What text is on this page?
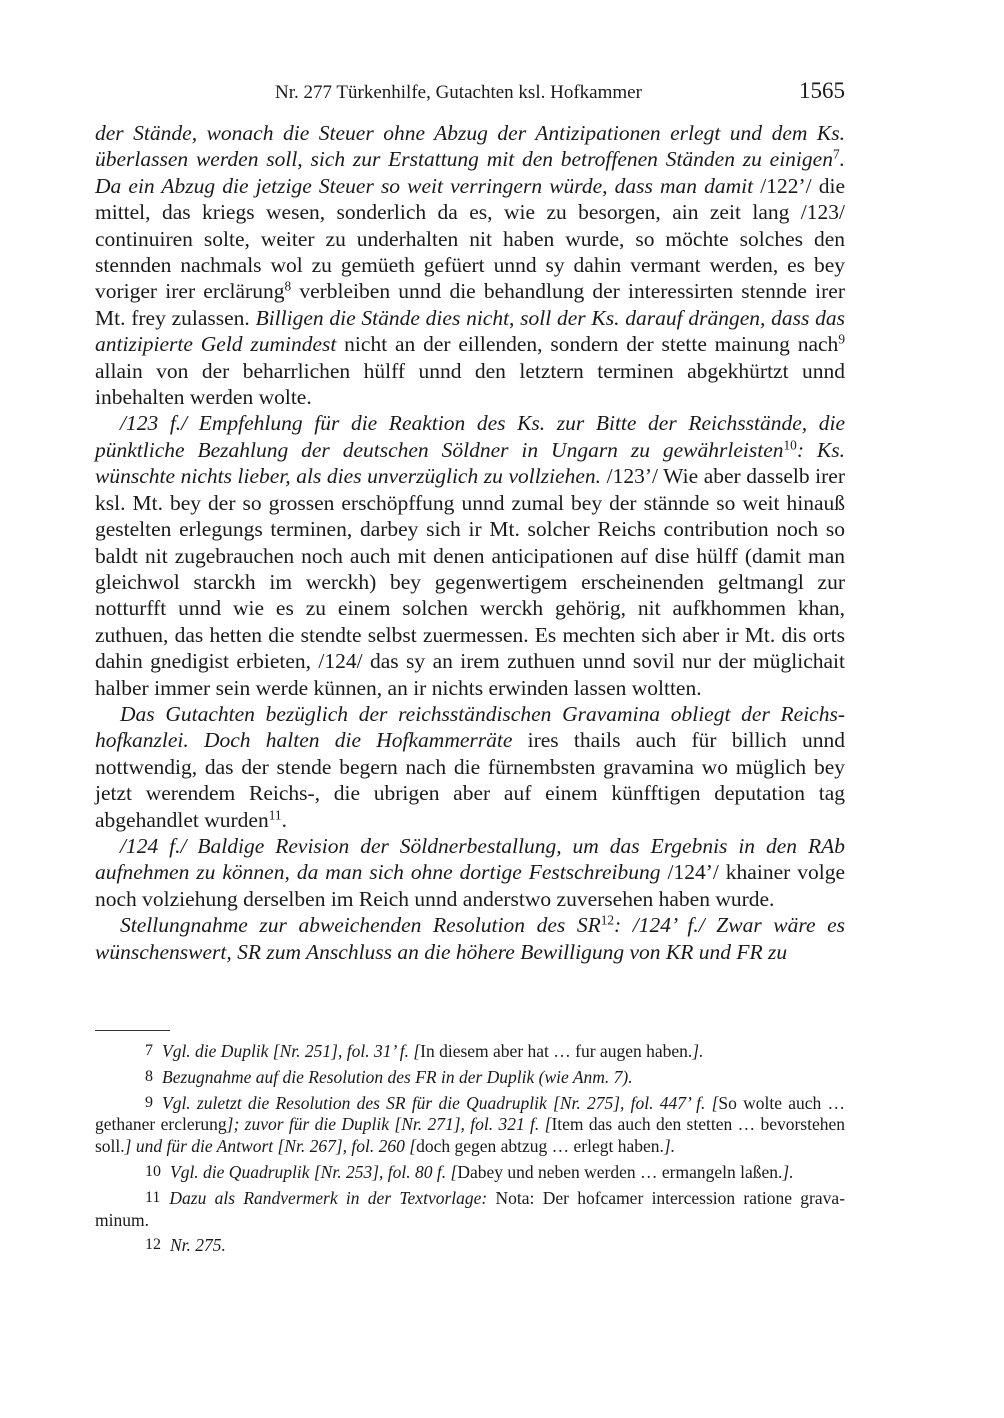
Nr. 277 Türkenhilfe, Gutachten ksl. Hofkammer	1565

der Stände, wonach die Steuer ohne Abzug der Antizipationen erlegt und dem Ks. überlassen werden soll, sich zur Erstattung mit den betroffenen Ständen zu einigen$^7$. Da ein Abzug die jetzige Steuer so weit verringern würde, dass man damit /122’/ die mittel, das kriegs wesen, sonderlich da es, wie zu besorgen, ain zeit lang /123/ continuiren solte, weiter zu underhalten nit haben wurde, so möchte solches den stennden nachmals wol zu gemüeth gefüert unnd sy dahin vermant werden, es bey voriger irer erclärung$^8$ verbleiben unnd die behandlung der interessirten stennde irer Mt. frey zulassen. Billigen die Stände dies nicht, soll der Ks. darauf drängen, dass das antizipierte Geld zumindest nicht an der eillenden, sondern der stette mainung nach$^9$ allain von der beharrlichen hülff unnd den letztern terminen abgekhürtzt unnd inbehalten werden wolte.

/123 f./ Empfehlung für die Reaktion des Ks. zur Bitte der Reichsstände, die pünktliche Bezahlung der deutschen Söldner in Ungarn zu gewährleisten$^{10}$: Ks. wünschte nichts lieber, als dies unverzüglich zu vollziehen. /123’/ Wie aber dasselb irer ksl. Mt. bey der so grossen erschöpffung unnd zumal bey der stännde so weit hinauß gestelten erlegungs terminen, darbey sich ir Mt. solcher Reichs contribution noch so baldt nit zugebrauchen noch auch mit denen anticipationen auf dise hülff (damit man gleichwol starckh im werckh) bey gegenwertigem erscheinenden geltmangl zur notturfft unnd wie es zu einem solchen werckh gehörig, nit aufkhommen khan, zuthuen, das hetten die stendte selbst zuermessen. Es mechten sich aber ir Mt. dis orts dahin gnedigist erbieten, /124/ das sy an irem zuthuen unnd sovil nur der müglichait halber immer sein werde künnen, an ir nichts erwinden lassen woltten.

Das Gutachten bezüglich der reichsständischen Gravamina obliegt der Reichshofkanzlei. Doch halten die Hofkammerräte ires thails auch für billich unnd nottwendig, das der stende begern nach die fürnembsten gravamina wo müglich bey jetzt werendem Reichs-, die ubrigen aber auf einem künfftigen deputation tag abgehandlet wurden$^{11}$.

/124 f./ Baldige Revision der Söldnerbestallung, um das Ergebnis in den RAb aufnehmen zu können, da man sich ohne dortige Festschreibung /124’/ khainer volge noch volziehung derselben im Reich unnd anderstwo zuversehen haben wurde.

Stellungnahme zur abweichenden Resolution des SR$^{12}$: /124’ f./ Zwar wäre es wünschenswert, SR zum Anschluss an die höhere Bewilligung von KR und FR zu

7 Vgl. die Duplik [Nr. 251], fol. 31’ f. [In diesem aber hat … fur augen haben.].

8 Bezugnahme auf die Resolution des FR in der Duplik (wie Anm. 7).

9 Vgl. zuletzt die Resolution des SR für die Quadruplik [Nr. 275], fol. 447’ f. [So wolte auch … gethaner erclerung]; zuvor für die Duplik [Nr. 271], fol. 321 f. [Item das auch den stetten … bevorstehen soll.] und für die Antwort [Nr. 267], fol. 260 [doch gegen abtzug … erlegt haben.].

10 Vgl. die Quadruplik [Nr. 253], fol. 80 f. [Dabey und neben werden … ermangeln laßen.].

11 Dazu als Randvermerk in der Textvorlage: Nota: Der hofcamer intercession ratione gravaminum.

12 Nr. 275.
